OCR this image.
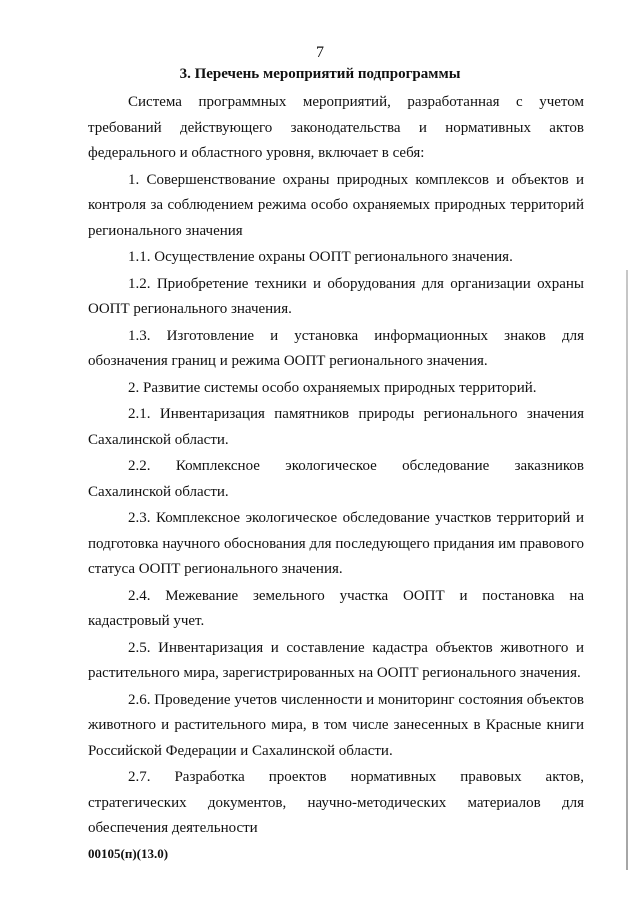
7
3. Перечень мероприятий подпрограммы

Система программных мероприятий, разработанная с учетом требований действующего законодательства и нормативных актов федерального и областного уровня, включает в себя:

1. Совершенствование охраны природных комплексов и объектов и контроля за соблюдением режима особо охраняемых природных территорий регионального значения

1.1. Осуществление охраны ООПТ регионального значения.

1.2. Приобретение техники и оборудования для организации охраны ООПТ регионального значения.

1.3. Изготовление и установка информационных знаков для обозначения границ и режима ООПТ регионального значения.

2. Развитие системы особо охраняемых природных территорий.

2.1. Инвентаризация памятников природы регионального значения Сахалинской области.

2.2. Комплексное экологическое обследование заказников Сахалинской области.

2.3. Комплексное экологическое обследование участков территорий и подготовка научного обоснования для последующего придания им правового статуса ООПТ регионального значения.

2.4. Межевание земельного участка ООПТ и постановка на кадастровый учет.

2.5. Инвентаризация и составление кадастра объектов животного и растительного мира, зарегистрированных на ООПТ регионального значения.

2.6. Проведение учетов численности и мониторинг состояния объектов животного и растительного мира, в том числе занесенных в Красные книги Российской Федерации и Сахалинской области.

2.7. Разработка проектов нормативных правовых актов, стратегических документов, научно-методических материалов для обеспечения деятельности

00105(п)(13.0)
